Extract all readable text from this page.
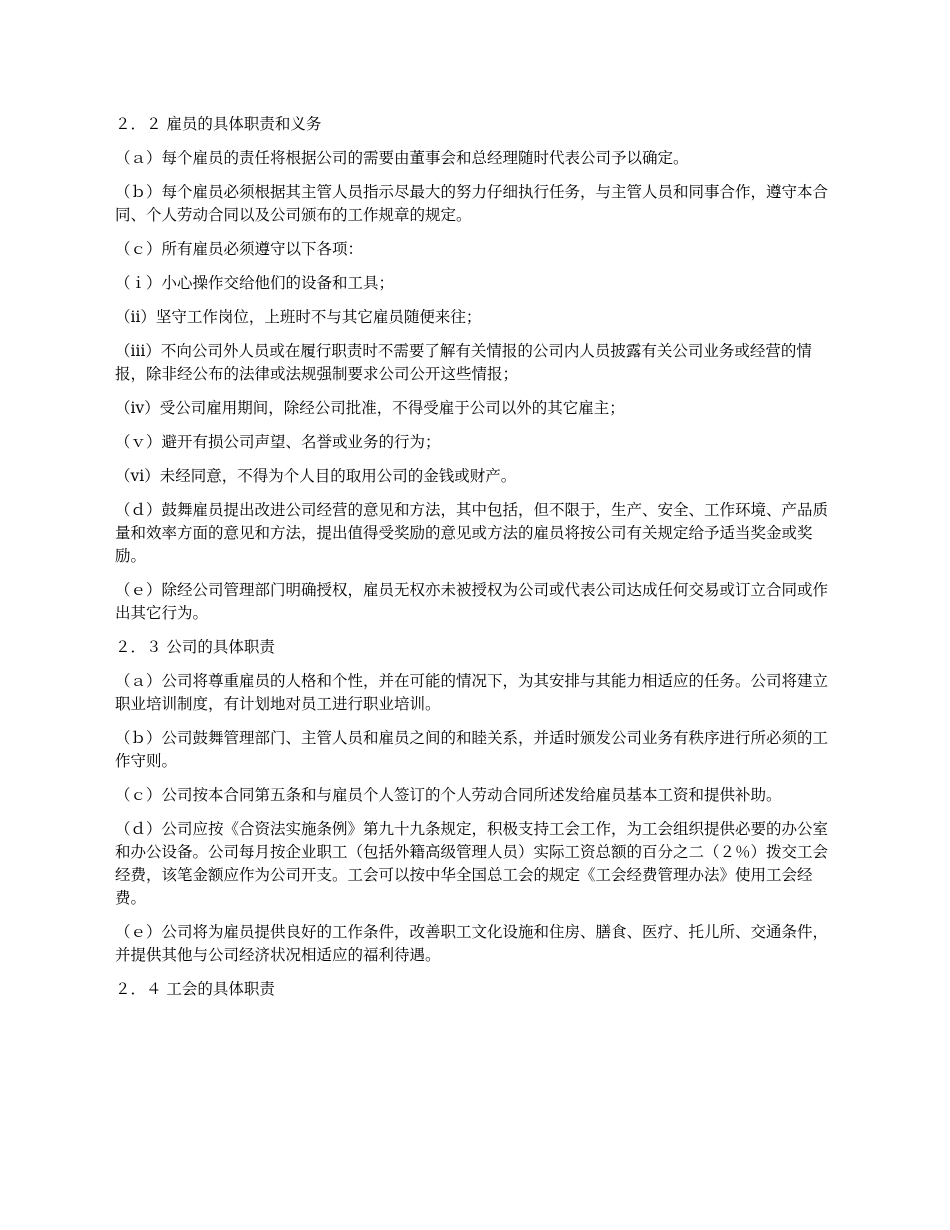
２．２ 雇员的具体职责和义务

（ａ）每个雇员的责任将根据公司的需要由董事会和总经理随时代表公司予以确定。

（ｂ）每个雇员必须根据其主管人员指示尽最大的努力仔细执行任务，与主管人员和同事合作，遵守本合同、个人劳动合同以及公司颁布的工作规章的规定。

（ｃ）所有雇员必须遵守以下各项：

（ｉ）小心操作交给他们的设备和工具；

（ⅱ）坚守工作岗位，上班时不与其它雇员随便来往；

（ⅲ）不向公司外人员或在履行职责时不需要了解有关情报的公司内人员披露有关公司业务或经营的情报，除非经公布的法律或法规强制要求公司公开这些情报；

（ⅳ）受公司雇用期间，除经公司批准，不得受雇于公司以外的其它雇主；

（ｖ）避开有损公司声望、名誉或业务的行为；

（ⅵ）未经同意，不得为个人目的取用公司的金钱或财产。

（ｄ）鼓舞雇员提出改进公司经营的意见和方法，其中包括，但不限于，生产、安全、工作环境、产品质量和效率方面的意见和方法，提出值得受奖励的意见或方法的雇员将按公司有关规定给予适当奖金或奖励。

（ｅ）除经公司管理部门明确授权，雇员无权亦未被授权为公司或代表公司达成任何交易或订立合同或作出其它行为。

２．３ 公司的具体职责

（ａ）公司将尊重雇员的人格和个性，并在可能的情况下，为其安排与其能力相适应的任务。公司将建立职业培训制度，有计划地对员工进行职业培训。

（ｂ）公司鼓舞管理部门、主管人员和雇员之间的和睦关系，并适时颁发公司业务有秩序进行所必须的工作守则。

（ｃ）公司按本合同第五条和与雇员个人签订的个人劳动合同所述发给雇员基本工资和提供补助。

（ｄ）公司应按《合资法实施条例》第九十九条规定，积极支持工会工作，为工会组织提供必要的办公室和办公设备。公司每月按企业职工（包括外籍高级管理人员）实际工资总额的百分之二（２％）拨交工会经费，该笔金额应作为公司开支。工会可以按中华全国总工会的规定《工会经费管理办法》使用工会经费。

（ｅ）公司将为雇员提供良好的工作条件，改善职工文化设施和住房、膳食、医疗、托儿所、交通条件，并提供其他与公司经济状况相适应的福利待遇。

２．４ 工会的具体职责
